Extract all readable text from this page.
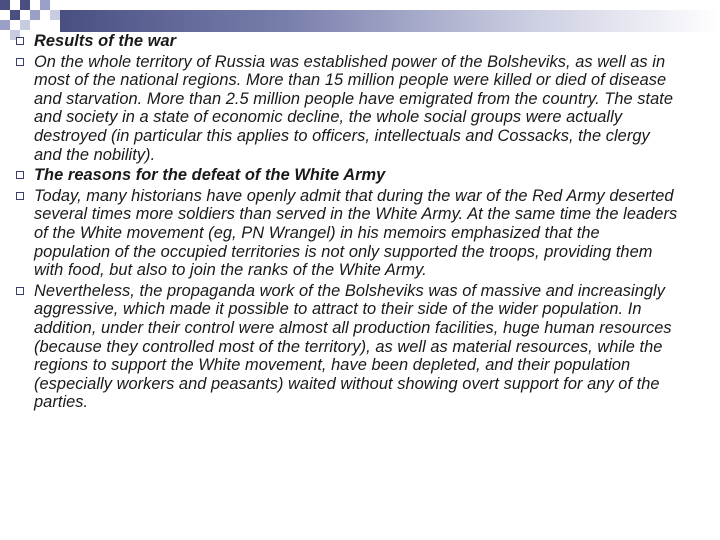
Results of the war
On the whole territory of Russia was established power of the Bolsheviks, as well as in most of the national regions. More than 15 million people were killed or died of disease and starvation. More than 2.5 million people have emigrated from the country. The state and society in a state of economic decline, the whole social groups were actually destroyed (in particular this applies to officers, intellectuals and Cossacks, the clergy and the nobility).
The reasons for the defeat of the White Army
Today, many historians have openly admit that during the war of the Red Army deserted several times more soldiers than served in the White Army. At the same time the leaders of the White movement (eg, PN Wrangel) in his memoirs emphasized that the population of the occupied territories is not only supported the troops, providing them with food, but also to join the ranks of the White Army.
Nevertheless, the propaganda work of the Bolsheviks was of massive and increasingly aggressive, which made it possible to attract to their side of the wider population. In addition, under their control were almost all production facilities, huge human resources (because they controlled most of the territory), as well as material resources, while the regions to support the White movement, have been depleted, and their population (especially workers and peasants) waited without showing overt support for any of the parties.
